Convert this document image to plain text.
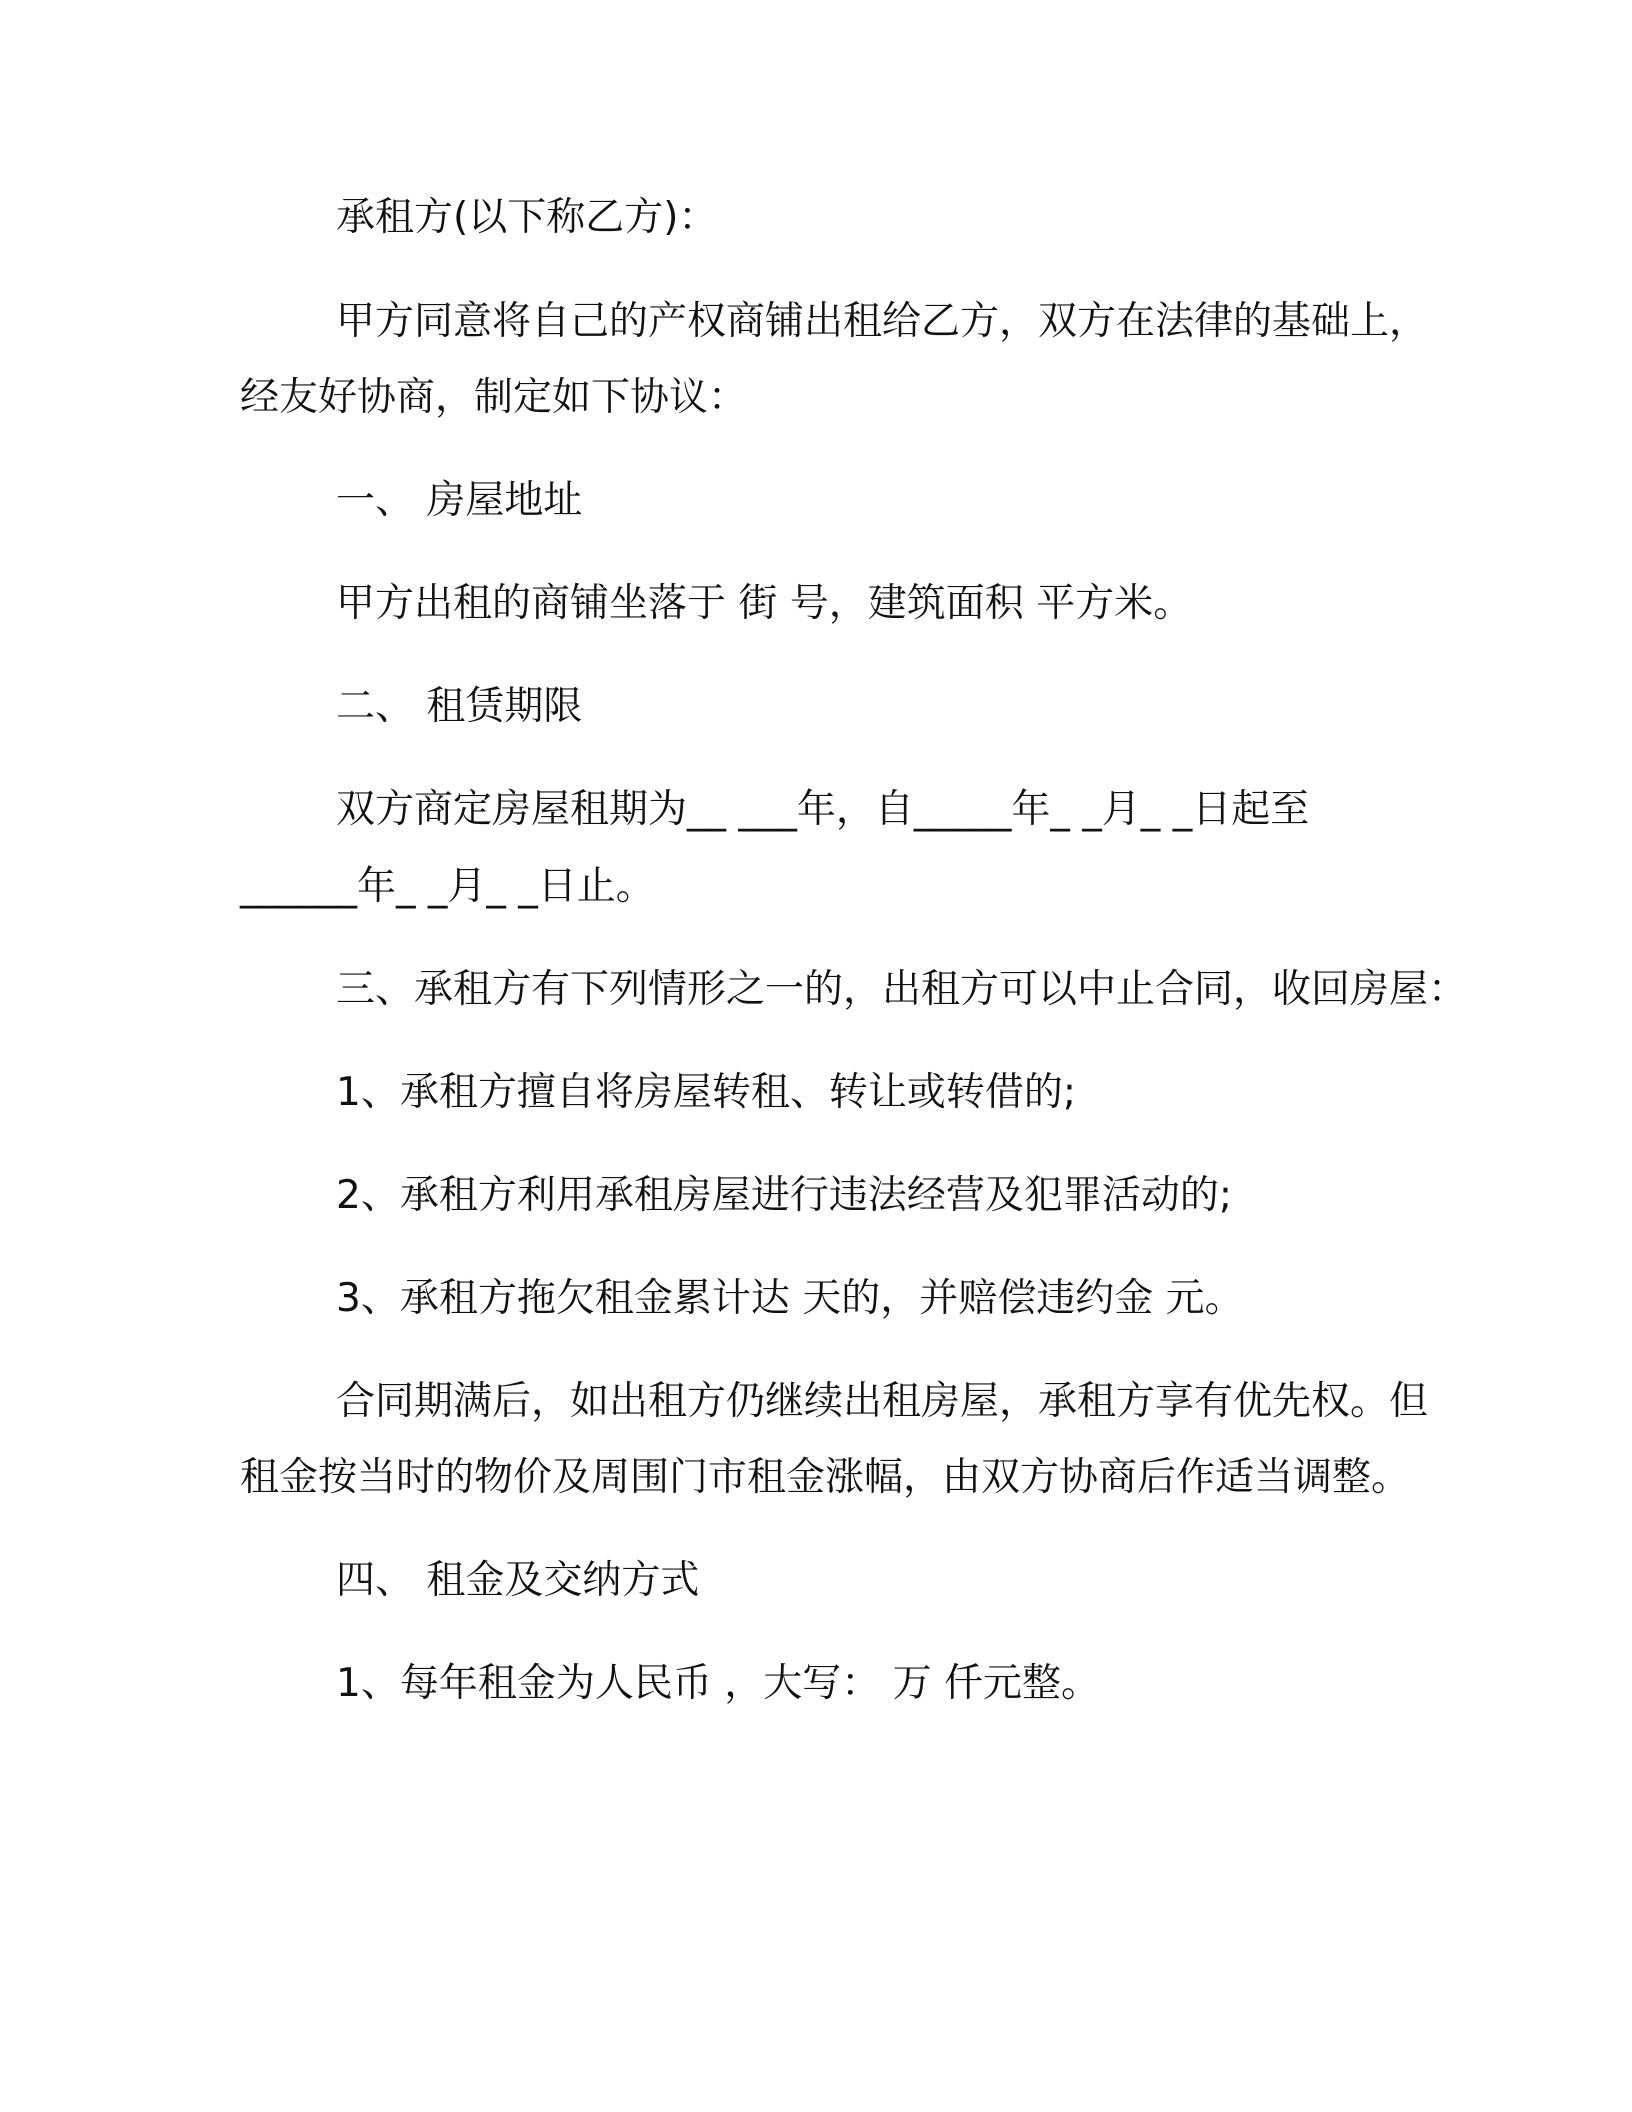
承租方(以下称乙方)：
甲方同意将自己的产权商铺出租给乙方，双方在法律的基础上，
经友好协商，制定如下协议：
一、 房屋地址
甲方出租的商铺坐落于 街 号，建筑面积 平方米。
二、 租赁期限
双方商定房屋租期为__ ___年，自_____年_ _月_ _日起至
______年_ _月_ _日止。
三、承租方有下列情形之一的，出租方可以中止合同，收回房屋：
1、承租方擅自将房屋转租、转让或转借的;
2、承租方利用承租房屋进行违法经营及犯罪活动的;
3、承租方拖欠租金累计达 天的，并赔偿违约金 元。
合同期满后，如出租方仍继续出租房屋，承租方享有优先权。但
租金按当时的物价及周围门市租金涨幅，由双方协商后作适当调整。
四、 租金及交纳方式
1、每年租金为人民币 ，大写： 万 仟元整。
